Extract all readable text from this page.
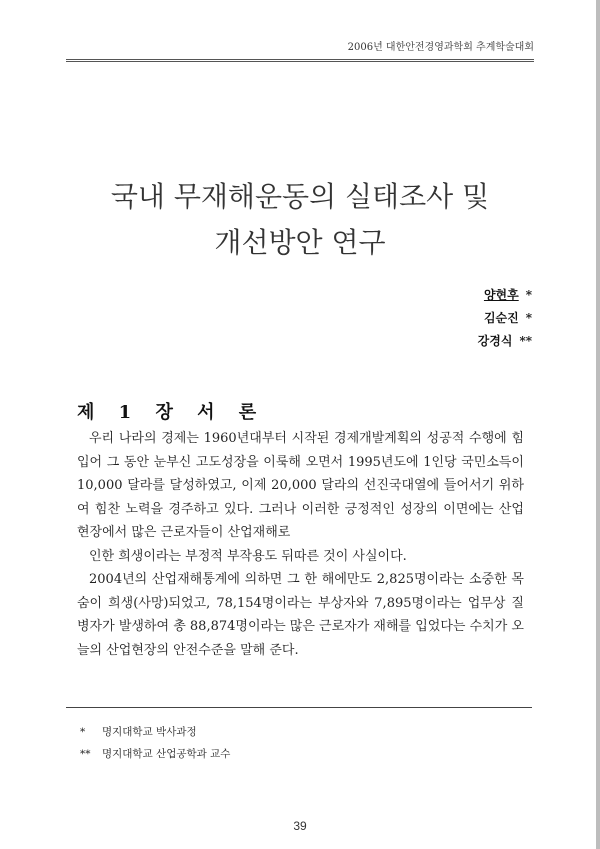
2006년 대한안전경영과학회 추계학술대회
국내 무재해운동의 실태조사 및
개선방안 연구
양현후 *
김순진 *
강경식 **
제 1 장 서 론

우리 나라의 경제는 1960년대부터 시작된 경제개발계획의 성공적 수행에 힘입어 그 동안 눈부신 고도성장을 이룩해 오면서 1995년도에 1인당 국민소득이 10,000 달라를 달성하였고, 이제 20,000 달라의 선진국대열에 들어서기 위하여 힘찬 노력을 경주하고 있다. 그러나 이러한 긍정적인 성장의 이면에는 산업현장에서 많은 근로자들이 산업재해로

인한 희생이라는 부정적 부작용도 뒤따른 것이 사실이다.

2004년의 산업재해통계에 의하면 그 한 해에만도 2,825명이라는 소중한 목숨이 희생(사망)되었고, 78,154명이라는 부상자와 7,895명이라는 업무상 질병자가 발생하여 총 88,874명이라는 많은 근로자가 재해를 입었다는 수치가 오늘의 산업현장의 안전수준을 말해 준다.

* 명지대학교 박사과정
** 명지대학교 산업공학과 교수
39
